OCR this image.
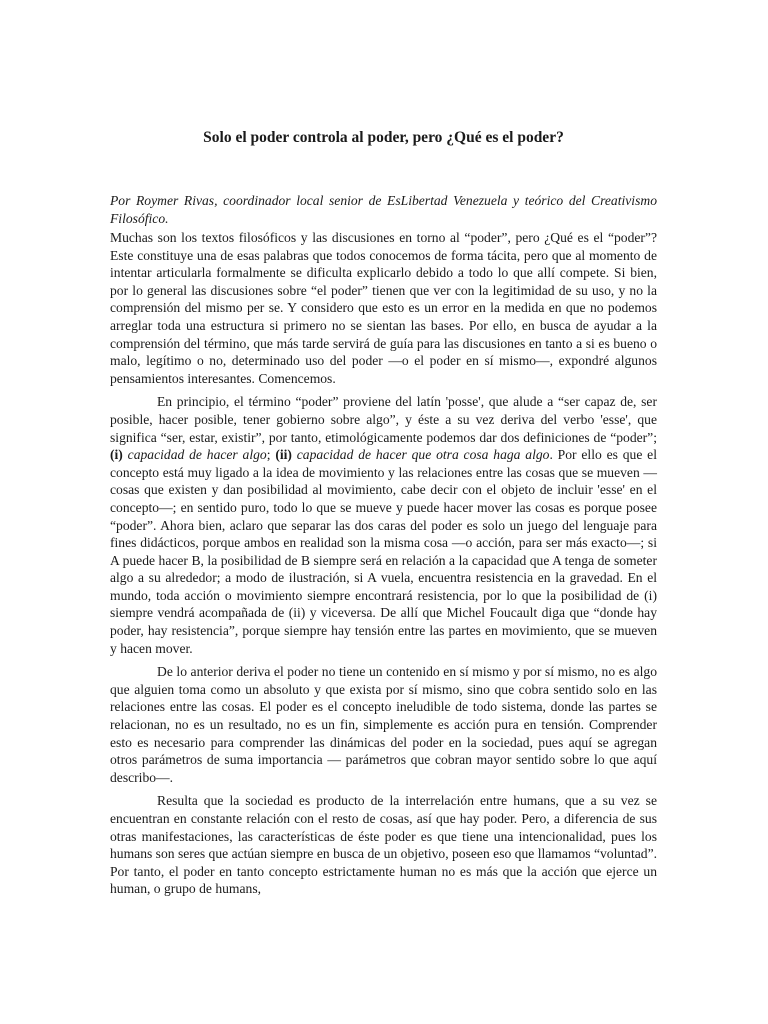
Solo el poder controla al poder, pero ¿Qué es el poder?

Por Roymer Rivas, coordinador local senior de EsLibertad Venezuela y teórico del Creativismo Filosófico.

Muchas son los textos filosóficos y las discusiones en torno al “poder”, pero ¿Qué es el “poder”? Este constituye una de esas palabras que todos conocemos de forma tácita, pero que al momento de intentar articularla formalmente se dificulta explicarlo debido a todo lo que allí compete. Si bien, por lo general las discusiones sobre “el poder” tienen que ver con la legitimidad de su uso, y no la comprensión del mismo per se. Y considero que esto es un error en la medida en que no podemos arreglar toda una estructura si primero no se sientan las bases. Por ello, en busca de ayudar a la comprensión del término, que más tarde servirá de guía para las discusiones en tanto a si es bueno o malo, legítimo o no, determinado uso del poder —o el poder en sí mismo—, expondré algunos pensamientos interesantes. Comencemos.

En principio, el término “poder” proviene del latín 'posse', que alude a “ser capaz de, ser posible, hacer posible, tener gobierno sobre algo”, y éste a su vez deriva del verbo 'esse', que significa “ser, estar, existir”, por tanto, etimológicamente podemos dar dos definiciones de “poder”; (i) capacidad de hacer algo; (ii) capacidad de hacer que otra cosa haga algo. Por ello es que el concepto está muy ligado a la idea de movimiento y las relaciones entre las cosas que se mueven —cosas que existen y dan posibilidad al movimiento, cabe decir con el objeto de incluir 'esse' en el concepto—; en sentido puro, todo lo que se mueve y puede hacer mover las cosas es porque posee “poder”. Ahora bien, aclaro que separar las dos caras del poder es solo un juego del lenguaje para fines didácticos, porque ambos en realidad son la misma cosa —o acción, para ser más exacto—; si A puede hacer B, la posibilidad de B siempre será en relación a la capacidad que A tenga de someter algo a su alrededor; a modo de ilustración, si A vuela, encuentra resistencia en la gravedad. En el mundo, toda acción o movimiento siempre encontrará resistencia, por lo que la posibilidad de (i) siempre vendrá acompañada de (ii) y viceversa. De allí que Michel Foucault diga que “donde hay poder, hay resistencia”, porque siempre hay tensión entre las partes en movimiento, que se mueven y hacen mover.

De lo anterior deriva el poder no tiene un contenido en sí mismo y por sí mismo, no es algo que alguien toma como un absoluto y que exista por sí mismo, sino que cobra sentido solo en las relaciones entre las cosas. El poder es el concepto ineludible de todo sistema, donde las partes se relacionan, no es un resultado, no es un fin, simplemente es acción pura en tensión. Comprender esto es necesario para comprender las dinámicas del poder en la sociedad, pues aquí se agregan otros parámetros de suma importancia — parámetros que cobran mayor sentido sobre lo que aquí describo—.

Resulta que la sociedad es producto de la interrelación entre humans, que a su vez se encuentran en constante relación con el resto de cosas, así que hay poder. Pero, a diferencia de sus otras manifestaciones, las características de éste poder es que tiene una intencionalidad, pues los humans son seres que actúan siempre en busca de un objetivo, poseen eso que llamamos “voluntad”. Por tanto, el poder en tanto concepto estrictamente human no es más que la acción que ejerce un human, o grupo de humans,
